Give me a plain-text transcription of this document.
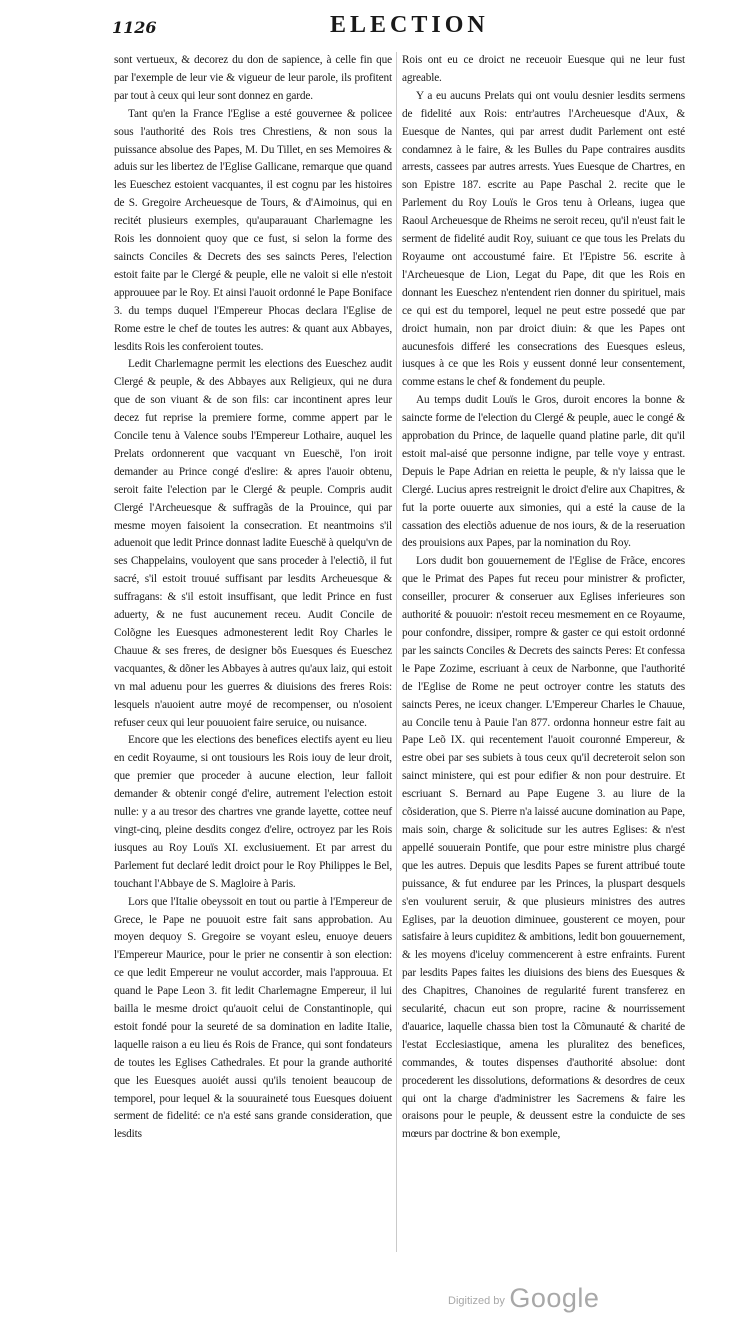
1126	ELECTION

sont vertueux, & decorez du don de sapience, à celle fin que par l'exemple de leur vie & vigueur de leur parole, ils profitent par tout à ceux qui leur sont donnez en garde.

Tant qu'en la France l'Eglise a esté gouvernee & policee sous l'authorité des Rois tres Chrestiens, & non sous la puissance absolue des Papes, M. Du Tillet, en ses Memoires & aduis sur les libertez de l'Eglise Gallicane, remarque que quand les Eueschez estoient vacquantes, il est cognu par les histoires de S. Gregoire Archeuesque de Tours, & d'Aimoinus, qui en recitét plusieurs exemples, qu'auparauant Charlemagne les Rois les donnoient quoy que ce fust, si selon la forme des saincts Conciles & Decrets des ses saincts Peres, l'election estoit faite par le Clergé & peuple, elle ne valoit si elle n'estoit approuuee par le Roy. Et ainsi l'auoit ordonné le Pape Boniface 3. du temps duquel l'Empereur Phocas declara l'Eglise de Rome estre le chef de toutes les autres: & quant aux Abbayes, lesdits Rois les conferoient toutes.

Ledit Charlemagne permit les elections des Eueschez audit Clergé & peuple, & des Abbayes aux Religieux, qui ne dura que de son viuant & de son fils: car incontinent apres leur decez fut reprise la premiere forme, comme appert par le Concile tenu à Valence soubs l'Empereur Lothaire, auquel les Prelats ordonnerent que vacquant vn Eueschë, l'on iroit demander au Prince congé d'eslire: & apres l'auoir obtenu, seroit faite l'election par le Clergé & peuple. Compris audit Clergé l'Archeuesque & suffragãs de la Prouince, qui par mesme moyen faisoient la consecration. Et neantmoins s'il aduenoit que ledit Prince donnast ladite Eueschë à quelqu'vn de ses Chappelains, vouloyent que sans proceder à l'electiõ, il fut sacré, s'il estoit trouué suffisant par lesdits Archeuesque & suffragans: & s'il estoit insuffisant, que ledit Prince en fust aduerty, & ne fust aucunement receu. Audit Concile de Colõgne les Euesques admonesterent ledit Roy Charles le Chauue & ses freres, de designer bõs Euesques és Eueschez vacquantes, & dõner les Abbayes à autres qu'aux laiz, qui estoit vn mal aduenu pour les guerres & diuisions des freres Rois: lesquels n'auoient autre moyé de recompenser, ou n'osoient refuser ceux qui leur pouuoient faire seruice, ou nuisance.

Encore que les elections des benefices electifs ayent eu lieu en cedit Royaume, si ont tousiours les Rois iouy de leur droit, que premier que proceder à aucune election, leur falloit demander & obtenir congé d'elire, autrement l'election estoit nulle: y a au tresor des chartres vne grande layette, cottee neuf vingt-cinq, pleine desdits congez d'elire, octroyez par les Rois iusques au Roy Louïs XI. exclusiuement. Et par arrest du Parlement fut declaré ledit droict pour le Roy Philippes le Bel, touchant l'Abbaye de S. Magloire à Paris.

Lors que l'Italie obeyssoit en tout ou partie à l'Empereur de Grece, le Pape ne pouuoit estre fait sans approbation. Au moyen dequoy S. Gregoire se voyant esleu, enuoye deuers l'Empereur Maurice, pour le prier ne consentir à son election: ce que ledit Empereur ne voulut accorder, mais l'approuua. Et quand le Pape Leon 3. fit ledit Charlemagne Empereur, il lui bailla le mesme droict qu'auoit celui de Constantinople, qui estoit fondé pour la seureté de sa domination en ladite Italie, laquelle raison a eu lieu és Rois de France, qui sont fondateurs de toutes les Eglises Cathedrales. Et pour la grande authorité que les Euesques auoiét aussi qu'ils tenoient beaucoup de temporel, pour lequel & la souuraineté tous Euesques doiuent serment de fidelité: ce n'a esté sans grande consideration, que lesdits

Rois ont eu ce droict ne receuoir Euesque qui ne leur fust agreable.

Y a eu aucuns Prelats qui ont voulu desnier lesdits sermens de fidelité aux Rois: entr'autres l'Archeuesque d'Aux, & Euesque de Nantes, qui par arrest dudit Parlement ont esté condamnez à le faire, & les Bulles du Pape contraires ausdits arrests, cassees par autres arrests. Yues Euesque de Chartres, en son Epistre 187. escrite au Pape Paschal 2. recite que le Parlement du Roy Louïs le Gros tenu à Orleans, iugea que Raoul Archeuesque de Rheims ne seroit receu, qu'il n'eust fait le serment de fidelité audit Roy, suiuant ce que tous les Prelats du Royaume ont accoustumé faire. Et l'Epistre 56. escrite à l'Archeuesque de Lion, Legat du Pape, dit que les Rois en donnant les Eueschez n'entendent rien donner du spirituel, mais ce qui est du temporel, lequel ne peut estre possedé que par droict humain, non par droict diuin: & que les Papes ont aucunesfois differé les consecrations des Euesques esleus, iusques à ce que les Rois y eussent donné leur consentement, comme estans le chef & fondement du peuple.

Au temps dudit Louïs le Gros, duroit encores la bonne & saincte forme de l'election du Clergé & peuple, auec le congé & approbation du Prince, de laquelle quand platine parle, dit qu'il estoit mal-aisé que personne indigne, par telle voye y entrast. Depuis le Pape Adrian en reietta le peuple, & n'y laissa que le Clergé. Lucius apres restreignit le droict d'elire aux Chapitres, & fut la porte ouuerte aux simonies, qui a esté la cause de la cassation des electiõs aduenue de nos iours, & de la reseruation des prouisions aux Papes, par la nomination du Roy.

Lors dudit bon gouuernement de l'Eglise de Frãce, encores que le Primat des Papes fut receu pour ministrer & proficter, conseiller, procurer & conseruer aux Eglises inferieures son authorité & pouuoir: n'estoit receu mesmement en ce Royaume, pour confondre, dissiper, rompre & gaster ce qui estoit ordonné par les saincts Conciles & Decrets des saincts Peres: Et confessa le Pape Zozime, escriuant à ceux de Narbonne, que l'authorité de l'Eglise de Rome ne peut octroyer contre les statuts des saincts Peres, ne iceux changer. L'Empereur Charles le Chauue, au Concile tenu à Pauie l'an 877. ordonna honneur estre fait au Pape Leõ IX. qui recentement l'auoit couronné Empereur, & estre obei par ses subiets à tous ceux qu'il decreteroit selon son sainct ministere, qui est pour edifier & non pour destruire. Et escriuant S. Bernard au Pape Eugene 3. au liure de la cõsideration, que S. Pierre n'a laissé aucune domination au Pape, mais soin, charge & solicitude sur les autres Eglises: & n'est appellé souuerain Pontife, que pour estre ministre plus chargé que les autres. Depuis que lesdits Papes se furent attribué toute puissance, & fut enduree par les Princes, la pluspart desquels s'en voulurent seruir, & que plusieurs ministres des autres Eglises, par la deuotion diminuee, gousterent ce moyen, pour satisfaire à leurs cupiditez & ambitions, ledit bon gouuernement, & les moyens d'iceluy commencerent à estre enfraints. Furent par lesdits Papes faites les diuisions des biens des Euesques & des Chapitres, Chanoines de regularité furent transferez en secularité, chacun eut son propre, racine & nourrissement d'auarice, laquelle chassa bien tost la Cõmunauté & charité de l'estat Ecclesiastique, amena les pluralitez des benefices, commandes, & toutes dispenses d'authorité absolue: dont procederent les dissolutions, deformations & desordres de ceux qui ont la charge d'administrer les Sacremens & faire les oraisons pour le peuple, & deussent estre la conduicte de ses mœurs par doctrine & bon exemple,

Digitized by Google
